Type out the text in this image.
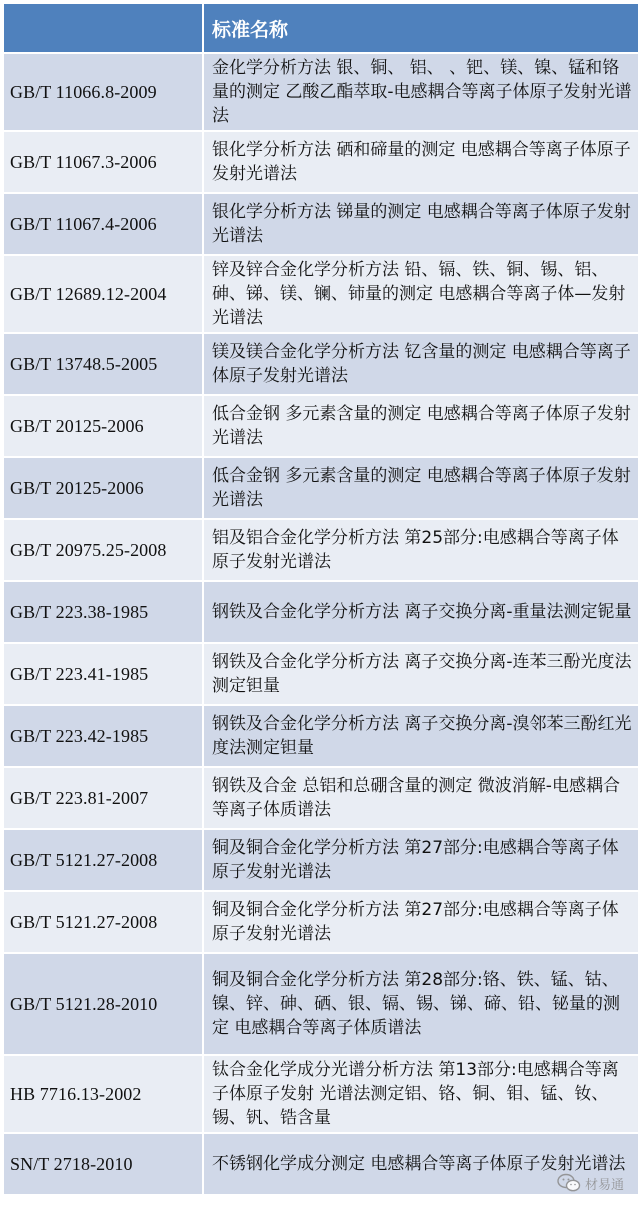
	标准名称
GB/T 11066.8-2009	金化学分析方法 银、铜、 铝、 、钯、镁、镍、锰和铬量的测定 乙酸乙酯萃取-电感耦合等离子体原子发射光谱法
GB/T 11067.3-2006	银化学分析方法 硒和碲量的测定 电感耦合等离子体原子发射光谱法
GB/T 11067.4-2006	银化学分析方法 锑量的测定 电感耦合等离子体原子发射光谱法
GB/T 12689.12-2004	锌及锌合金化学分析方法 铅、镉、铁、铜、锡、铝、砷、锑、镁、镧、铈量的测定 电感耦合等离子体—发射光谱法
GB/T 13748.5-2005	镁及镁合金化学分析方法 钇含量的测定 电感耦合等离子体原子发射光谱法
GB/T 20125-2006	低合金钢 多元素含量的测定 电感耦合等离子体原子发射光谱法
GB/T 20125-2006	低合金钢 多元素含量的测定 电感耦合等离子体原子发射光谱法
GB/T 20975.25-2008	铝及铝合金化学分析方法 第25部分:电感耦合等离子体原子发射光谱法
GB/T 223.38-1985	钢铁及合金化学分析方法 离子交换分离-重量法测定铌量
GB/T 223.41-1985	钢铁及合金化学分析方法 离子交换分离-连苯三酚光度法测定钽量
GB/T 223.42-1985	钢铁及合金化学分析方法 离子交换分离-溴邻苯三酚红光度法测定钽量
GB/T 223.81-2007	钢铁及合金 总铝和总硼含量的测定 微波消解-电感耦合等离子体质谱法
GB/T 5121.27-2008	铜及铜合金化学分析方法 第27部分:电感耦合等离子体原子发射光谱法
GB/T 5121.27-2008	铜及铜合金化学分析方法 第27部分:电感耦合等离子体原子发射光谱法
GB/T 5121.28-2010	铜及铜合金化学分析方法 第28部分:铬、铁、锰、钴、镍、锌、砷、硒、银、镉、锡、锑、碲、铅、铋量的测定 电感耦合等离子体质谱法
HB 7716.13-2002	钛合金化学成分光谱分析方法 第13部分:电感耦合等离子体原子发射 光谱法测定铝、铬、铜、钼、锰、钕、锡、钒、锆含量
SN/T 2718-2010	不锈钢化学成分测定 电感耦合等离子体原子发射光谱法
材易通
